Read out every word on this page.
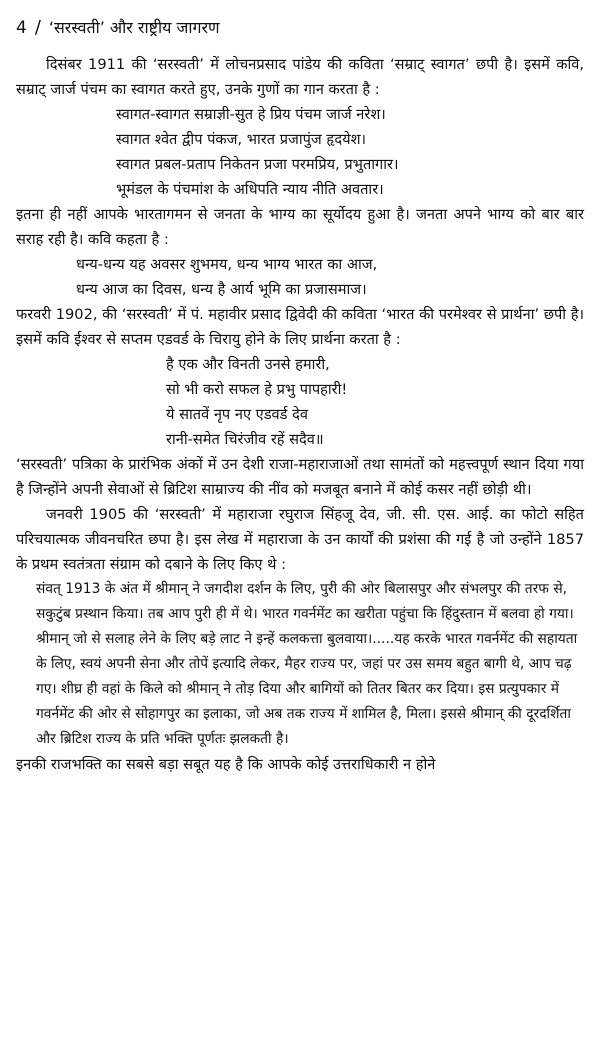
4 / ‘सरस्वती’ और राष्ट्रीय जागरण

दिसंबर 1911 की ‘सरस्वती’ में लोचनप्रसाद पांडेय की कविता ‘सम्राट् स्वागत’ छपी है। इसमें कवि, सम्राट् जार्ज पंचम का स्वागत करते हुए, उनके गुणों का गान करता है :

स्वागत-स्वागत सम्राज्ञी-सुत हे प्रिय पंचम जार्ज नरेश।

स्वागत श्वेत द्वीप पंकज, भारत प्रजापुंज हृदयेश।

स्वागत प्रबल-प्रताप निकेतन प्रजा परमप्रिय, प्रभुतागार।

भूमंडल के पंचमांश के अधिपति न्याय नीति अवतार।

इतना ही नहीं आपके भारतागमन से जनता के भाग्य का सूर्योदय हुआ है। जनता अपने भाग्य को बार बार सराह रही है। कवि कहता है :

धन्य-धन्य यह अवसर शुभमय, धन्य भाग्य भारत का आज,

धन्य आज का दिवस, धन्य है आर्य भूमि का प्रजासमाज।

फरवरी 1902, की ‘सरस्वती’ में पं. महावीर प्रसाद द्विवेदी की कविता ‘भारत की परमेश्वर से प्रार्थना’ छपी है। इसमें कवि ईश्वर से सप्तम एडवर्ड के चिरायु होने के लिए प्रार्थना करता है :

है एक और विनती उनसे हमारी,

सो भी करो सफल हे प्रभु पापहारी!

ये सातवें नृप नए एडवर्ड देव

रानी-समेत चिरंजीव रहें सदैव॥

‘सरस्वती’ पत्रिका के प्रारंभिक अंकों में उन देशी राजा-महाराजाओं तथा सामंतों को महत्त्वपूर्ण स्थान दिया गया है जिन्होंने अपनी सेवाओं से ब्रिटिश साम्राज्य की नींव को मजबूत बनाने में कोई कसर नहीं छोड़ी थी।

जनवरी 1905 की ‘सरस्वती’ में महाराजा रघुराज सिंहजू देव, जी. सी. एस. आई. का फोटो सहित परिचयात्मक जीवनचरित छपा है। इस लेख में महाराजा के उन कार्यों की प्रशंसा की गई है जो उन्होंने 1857 के प्रथम स्वतंत्रता संग्राम को दबाने के लिए किए थे :

संवत् 1913 के अंत में श्रीमान् ने जगदीश दर्शन के लिए, पुरी की ओर बिलासपुर और संभलपुर की तरफ से, सकुटुंब प्रस्थान किया। तब आप पुरी ही में थे। भारत गवर्नमेंट का खरीता पहुंचा कि हिंदुस्तान में बलवा हो गया। श्रीमान् जो से सलाह लेने के लिए बड़े लाट ने इन्हें कलकत्ता बुलवाया।.....यह करके भारत गवर्नमेंट की सहायता के लिए, स्वयं अपनी सेना और तोपें इत्यादि लेकर, मैहर राज्य पर, जहां पर उस समय बहुत बागी थे, आप चढ़ गए। शीघ्र ही वहां के किले को श्रीमान् ने तोड़ दिया और बागियों को तितर बितर कर दिया। इस प्रत्युपकार में गवर्नमेंट की ओर से सोहागपुर का इलाका, जो अब तक राज्य में शामिल है, मिला। इससे श्रीमान् की दूरदर्शिता और ब्रिटिश राज्य के प्रति भक्ति पूर्णतः झलकती है।

इनकी राजभक्ति का सबसे बड़ा सबूत यह है कि आपके कोई उत्तराधिकारी न होने
